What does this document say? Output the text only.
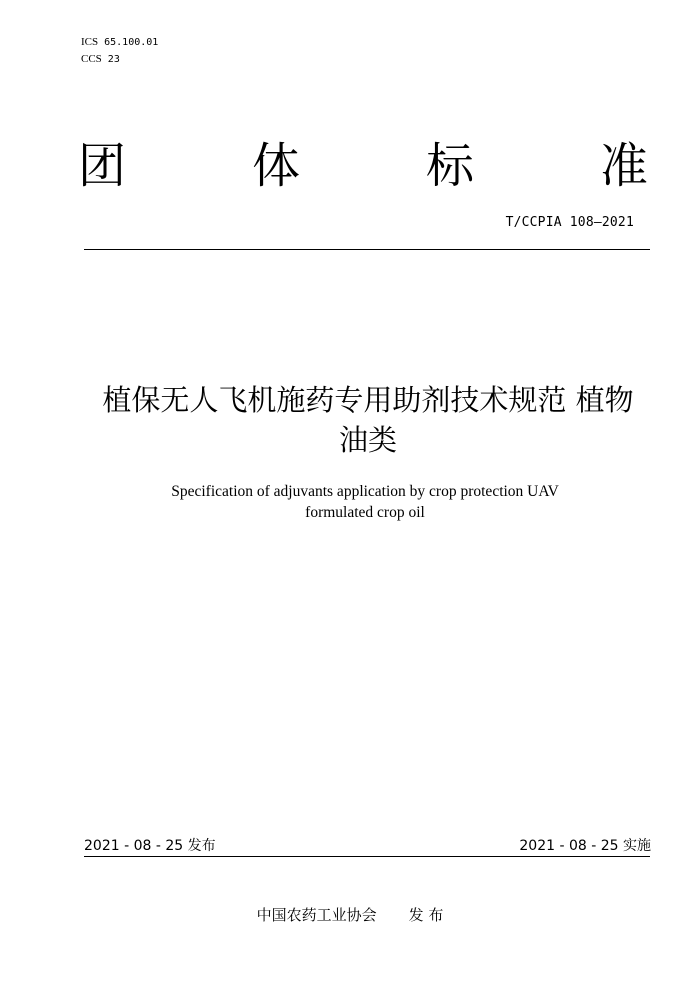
ICS 65.100.01
CCS 23
团	体	标	准
T/CCPIA 108—2021
植保无人飞机施药专用助剂技术规范 植物
油类
Specification of adjuvants application by crop protection UAV
formulated crop oil
2021 - 08 - 25 发布	2021 - 08 - 25 实施
中国农药工业协会 发 布
